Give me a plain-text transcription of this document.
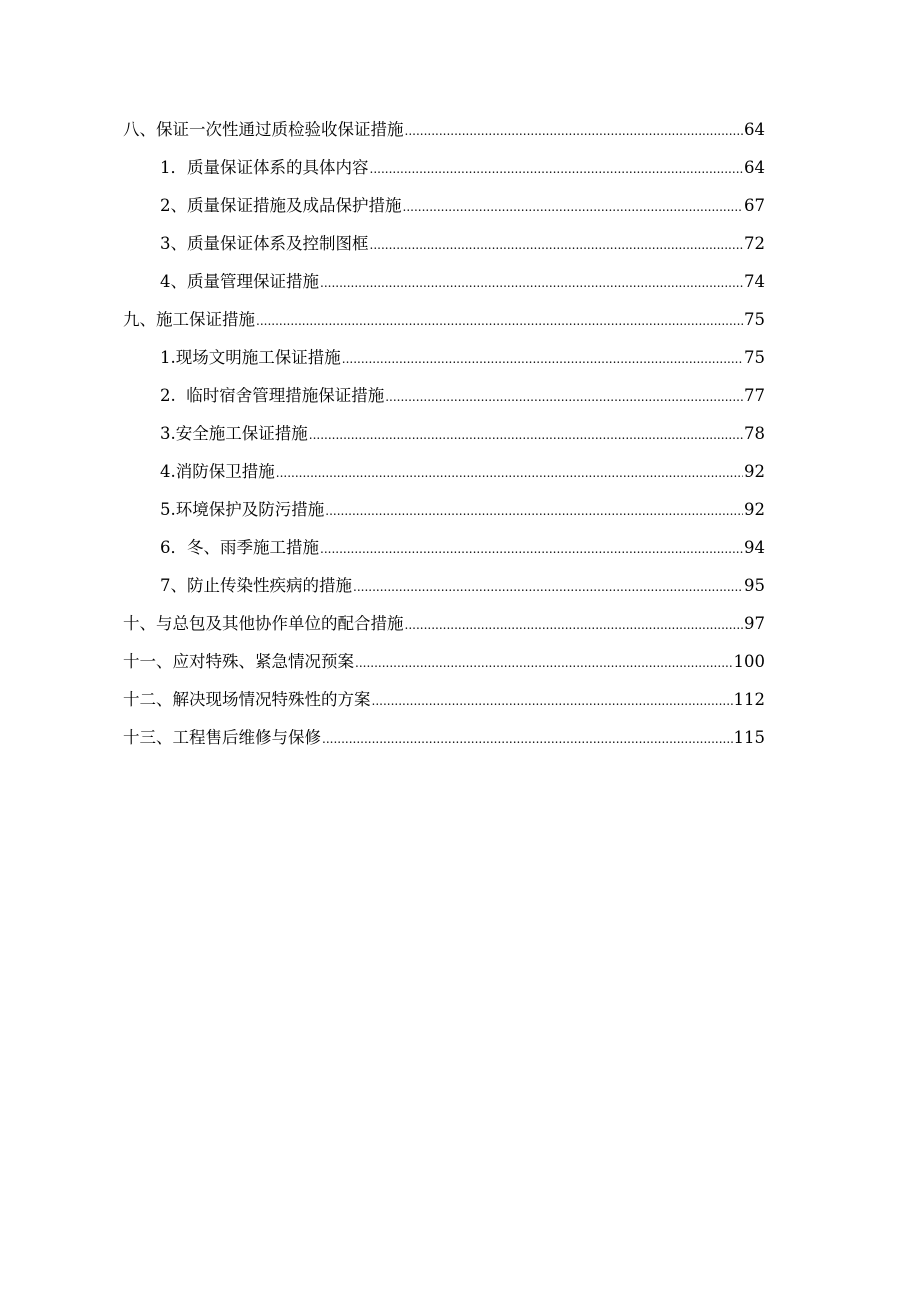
八、保证一次性通过质检验收保证措施 .....	64
1．质量保证体系的具体内容 .....	64
2、质量保证措施及成品保护措施 .....	67
3、质量保证体系及控制图框 .....	72
4、质量管理保证措施 .....	74
九、施工保证措施 .....	75
1.现场文明施工保证措施 .....	75
2.  临时宿舍管理措施保证措施 .....	77
3.安全施工保证措施 .....	78
4.消防保卫措施 .....	92
5.环境保护及防污措施 .....	92
6．冬、雨季施工措施 .....	94
7、防止传染性疾病的措施 .....	95
十、与总包及其他协作单位的配合措施 .....	97
十一、应对特殊、紧急情况预案 .....	100
十二、解决现场情况特殊性的方案 .....	112
十三、工程售后维修与保修 .....	115
